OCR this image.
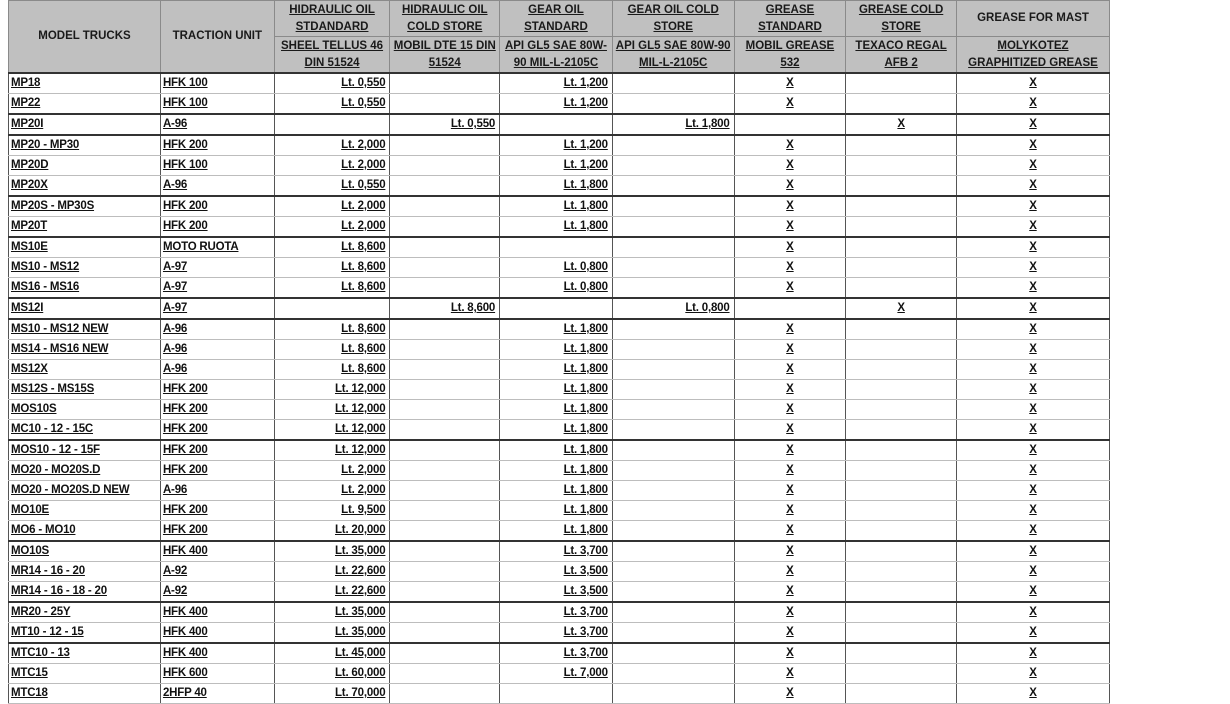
MODEL TRUCKS	TRACTION UNIT	HIDRAULIC OIL STDANDARD	HIDRAULIC OIL COLD STORE	GEAR OIL STANDARD	GEAR OIL COLD STORE	GREASE STANDARD	GREASE COLD STORE	GREASE FOR MAST
		SHEEL TELLUS 46 DIN 51524	MOBIL DTE 15 DIN 51524	API GL5 SAE 80W-90 MIL-L-2105C	API GL5 SAE 80W-90 MIL-L-2105C	MOBIL GREASE 532	TEXACO REGAL AFB 2	MOLYKOTEZ GRAPHITIZED GREASE
MP18	HFK 100	Lt. 0,550		Lt. 1,200		X		X
MP22	HFK 100	Lt. 0,550		Lt. 1,200		X		X
MP20I	A-96		Lt. 0,550		Lt. 1,800		X	X
MP20 - MP30	HFK 200	Lt. 2,000		Lt. 1,200		X		X
MP20D	HFK 100	Lt. 2,000		Lt. 1,200		X		X
MP20X	A-96	Lt. 0,550		Lt. 1,800		X		X
MP20S - MP30S	HFK 200	Lt. 2,000		Lt. 1,800		X		X
MP20T	HFK 200	Lt. 2,000		Lt. 1,800		X		X
MS10E	MOTO RUOTA	Lt. 8,600				X		X
MS10 - MS12	A-97	Lt. 8,600		Lt. 0,800		X		X
MS16 - MS16	A-97	Lt. 8,600		Lt. 0,800		X		X
MS12I	A-97		Lt. 8,600		Lt. 0,800		X	X
MS10 - MS12 NEW	A-96	Lt. 8,600		Lt. 1,800		X		X
MS14 - MS16 NEW	A-96	Lt. 8,600		Lt. 1,800		X		X
MS12X	A-96	Lt. 8,600		Lt. 1,800		X		X
MS12S - MS15S	HFK 200	Lt. 12,000		Lt. 1,800		X		X
MOS10S	HFK 200	Lt. 12,000		Lt. 1,800		X		X
MC10 - 12 - 15C	HFK 200	Lt. 12,000		Lt. 1,800		X		X
MOS10 - 12 - 15F	HFK 200	Lt. 12,000		Lt. 1,800		X		X
MO20 - MO20S.D	HFK 200	Lt. 2,000		Lt. 1,800		X		X
MO20 - MO20S.D NEW	A-96	Lt. 2,000		Lt. 1,800		X		X
MO10E	HFK 200	Lt. 9,500		Lt. 1,800		X		X
MO6 - MO10	HFK 200	Lt. 20,000		Lt. 1,800		X		X
MO10S	HFK 400	Lt. 35,000		Lt. 3,700		X		X
MR14 - 16 - 20	A-92	Lt. 22,600		Lt. 3,500		X		X
MR14 - 16 - 18 - 20	A-92	Lt. 22,600		Lt. 3,500		X		X
MR20 - 25Y	HFK 400	Lt. 35,000		Lt. 3,700		X		X
MT10 - 12 - 15	HFK 400	Lt. 35,000		Lt. 3,700		X		X
MTC10 - 13	HFK 400	Lt. 45,000		Lt. 3,700		X		X
MTC15	HFK 600	Lt. 60,000		Lt. 7,000		X		X
MTC18	2HFP 40	Lt. 70,000				X		X
